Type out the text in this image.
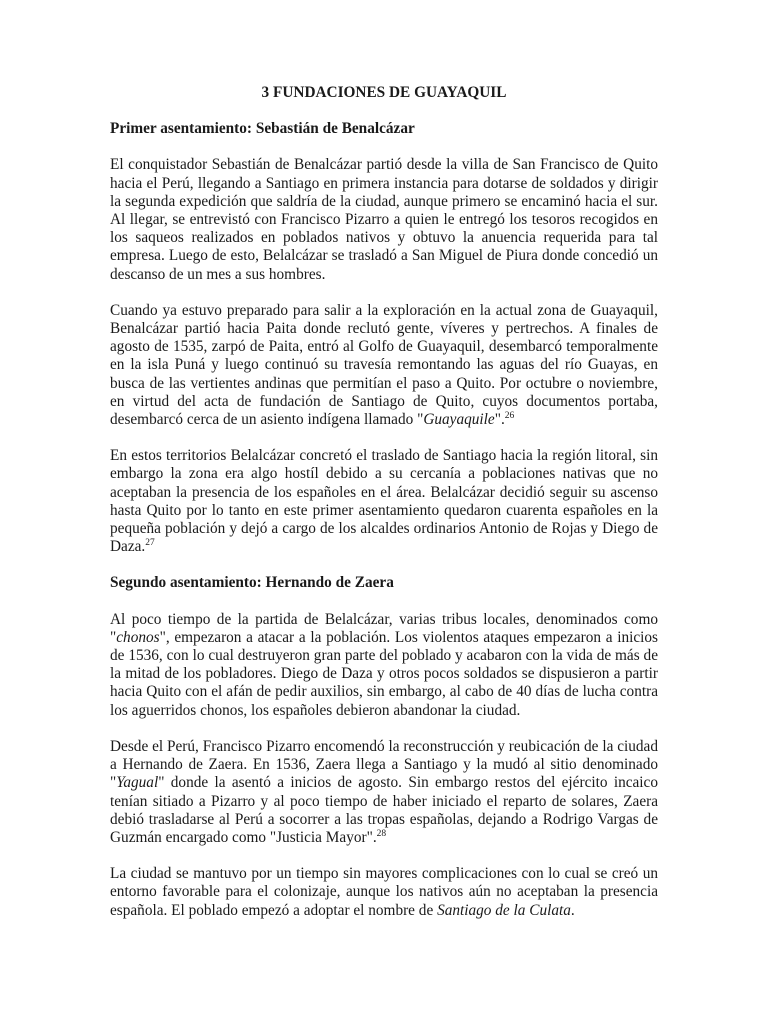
3 FUNDACIONES DE GUAYAQUIL
Primer asentamiento: Sebastián de Benalcázar

El conquistador Sebastián de Benalcázar partió desde la villa de San Francisco de Quito hacia el Perú, llegando a Santiago en primera instancia para dotarse de soldados y dirigir la segunda expedición que saldría de la ciudad, aunque primero se encaminó hacia el sur. Al llegar, se entrevistó con Francisco Pizarro a quien le entregó los tesoros recogidos en los saqueos realizados en poblados nativos y obtuvo la anuencia requerida para tal empresa. Luego de esto, Belalcázar se trasladó a San Miguel de Piura donde concedió un descanso de un mes a sus hombres.

Cuando ya estuvo preparado para salir a la exploración en la actual zona de Guayaquil, Benalcázar partió hacia Paita donde reclutó gente, víveres y pertrechos. A finales de agosto de 1535, zarpó de Paita, entró al Golfo de Guayaquil, desembarcó temporalmente en la isla Puná y luego continuó su travesía remontando las aguas del río Guayas, en busca de las vertientes andinas que permitían el paso a Quito. Por octubre o noviembre, en virtud del acta de fundación de Santiago de Quito, cuyos documentos portaba, desembarcó cerca de un asiento indígena llamado "Guayaquile".$^{26}$

En estos territorios Belalcázar concretó el traslado de Santiago hacia la región litoral, sin embargo la zona era algo hostíl debido a su cercanía a poblaciones nativas que no aceptaban la presencia de los españoles en el área. Belalcázar decidió seguir su ascenso hasta Quito por lo tanto en este primer asentamiento quedaron cuarenta españoles en la pequeña población y dejó a cargo de los alcaldes ordinarios Antonio de Rojas y Diego de Daza.$^{27}$

Segundo asentamiento: Hernando de Zaera

Al poco tiempo de la partida de Belalcázar, varias tribus locales, denominados como "chonos", empezaron a atacar a la población. Los violentos ataques empezaron a inicios de 1536, con lo cual destruyeron gran parte del poblado y acabaron con la vida de más de la mitad de los pobladores. Diego de Daza y otros pocos soldados se dispusieron a partir hacia Quito con el afán de pedir auxilios, sin embargo, al cabo de 40 días de lucha contra los aguerridos chonos, los españoles debieron abandonar la ciudad.

Desde el Perú, Francisco Pizarro encomendó la reconstrucción y reubicación de la ciudad a Hernando de Zaera. En 1536, Zaera llega a Santiago y la mudó al sitio denominado "Yagual" donde la asentó a inicios de agosto. Sin embargo restos del ejército incaico tenían sitiado a Pizarro y al poco tiempo de haber iniciado el reparto de solares, Zaera debió trasladarse al Perú a socorrer a las tropas españolas, dejando a Rodrigo Vargas de Guzmán encargado como "Justicia Mayor".$^{28}$

La ciudad se mantuvo por un tiempo sin mayores complicaciones con lo cual se creó un entorno favorable para el colonizaje, aunque los nativos aún no aceptaban la presencia española. El poblado empezó a adoptar el nombre de Santiago de la Culata.
